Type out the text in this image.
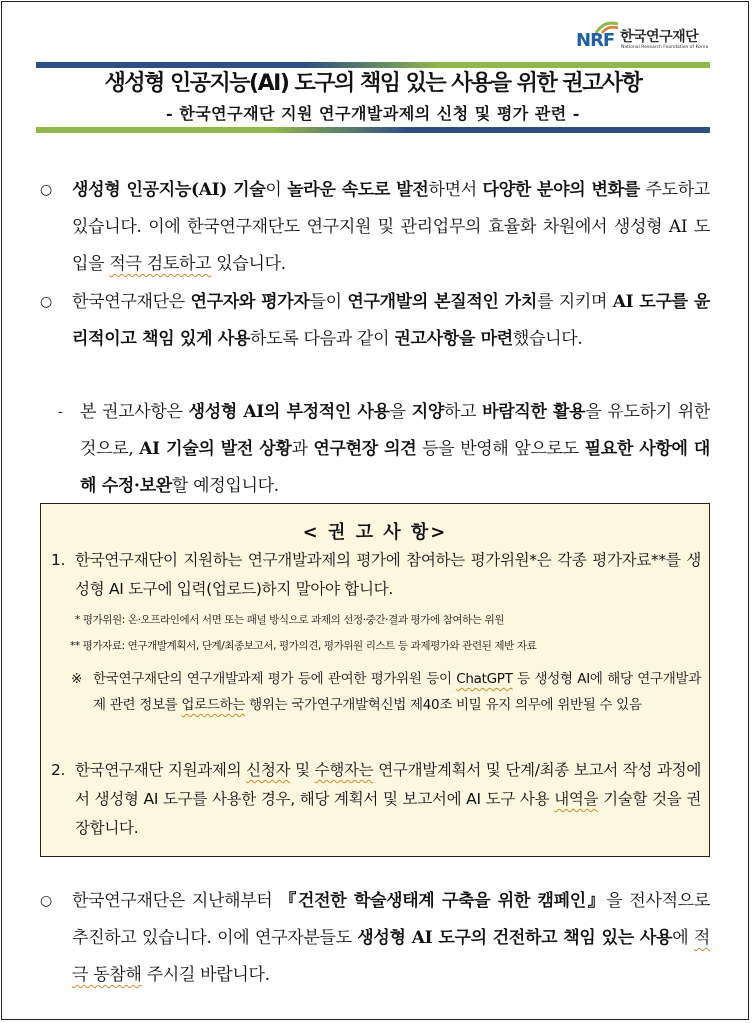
NRF 한국연구재단
National Research Foundation of Korea
생성형 인공지능(AI) 도구의 책임 있는 사용을 위한 권고사항
- 한국연구재단 지원 연구개발과제의 신청 및 평가 관련 -
○	생성형 인공지능(AI) 기술이 놀라운 속도로 발전하면서 다양한 분야의 변화를 주도하고 있습니다. 이에 한국연구재단도 연구지원 및 관리업무의 효율화 차원에서 생성형 AI 도입을 적극 검토하고 있습니다.
○	한국연구재단은 연구자와 평가자들이 연구개발의 본질적인 가치를 지키며 AI 도구를 윤리적이고 책임 있게 사용하도록 다음과 같이 권고사항을 마련했습니다.
-	본 권고사항은 생성형 AI의 부정적인 사용을 지양하고 바람직한 활용을 유도하기 위한 것으로, AI 기술의 발전 상황과 연구현장 의견 등을 반영해 앞으로도 필요한 사항에 대해 수정·보완할 예정입니다.
< 권 고 사 항>
1. 한국연구재단이 지원하는 연구개발과제의 평가에 참여하는 평가위원*은 각종 평가자료**를 생성형 AI 도구에 입력(업로드)하지 말아야 합니다.
* 평가위원: 온·오프라인에서 서면 또는 패널 방식으로 과제의 선정·중간·결과 평가에 참여하는 위원
** 평가자료: 연구개발계획서, 단계/최종보고서, 평가의견, 평가위원 리스트 등 과제평가와 관련된 제반 자료
※ 한국연구재단의 연구개발과제 평가 등에 관여한 평가위원 등이 ChatGPT 등 생성형 AI에 해당 연구개발과제 관련 정보를 업로드하는 행위는 국가연구개발혁신법 제40조 비밀 유지 의무에 위반될 수 있음
2. 한국연구재단 지원과제의 신청자 및 수행자는 연구개발계획서 및 단계/최종 보고서 작성 과정에서 생성형 AI 도구를 사용한 경우, 해당 계획서 및 보고서에 AI 도구 사용 내역을 기술할 것을 권장합니다.
○	한국연구재단은 지난해부터 『건전한 학술생태계 구축을 위한 캠페인』을 전사적으로 추진하고 있습니다. 이에 연구자분들도 생성형 AI 도구의 건전하고 책임 있는 사용에 적극 동참해 주시길 바랍니다.
